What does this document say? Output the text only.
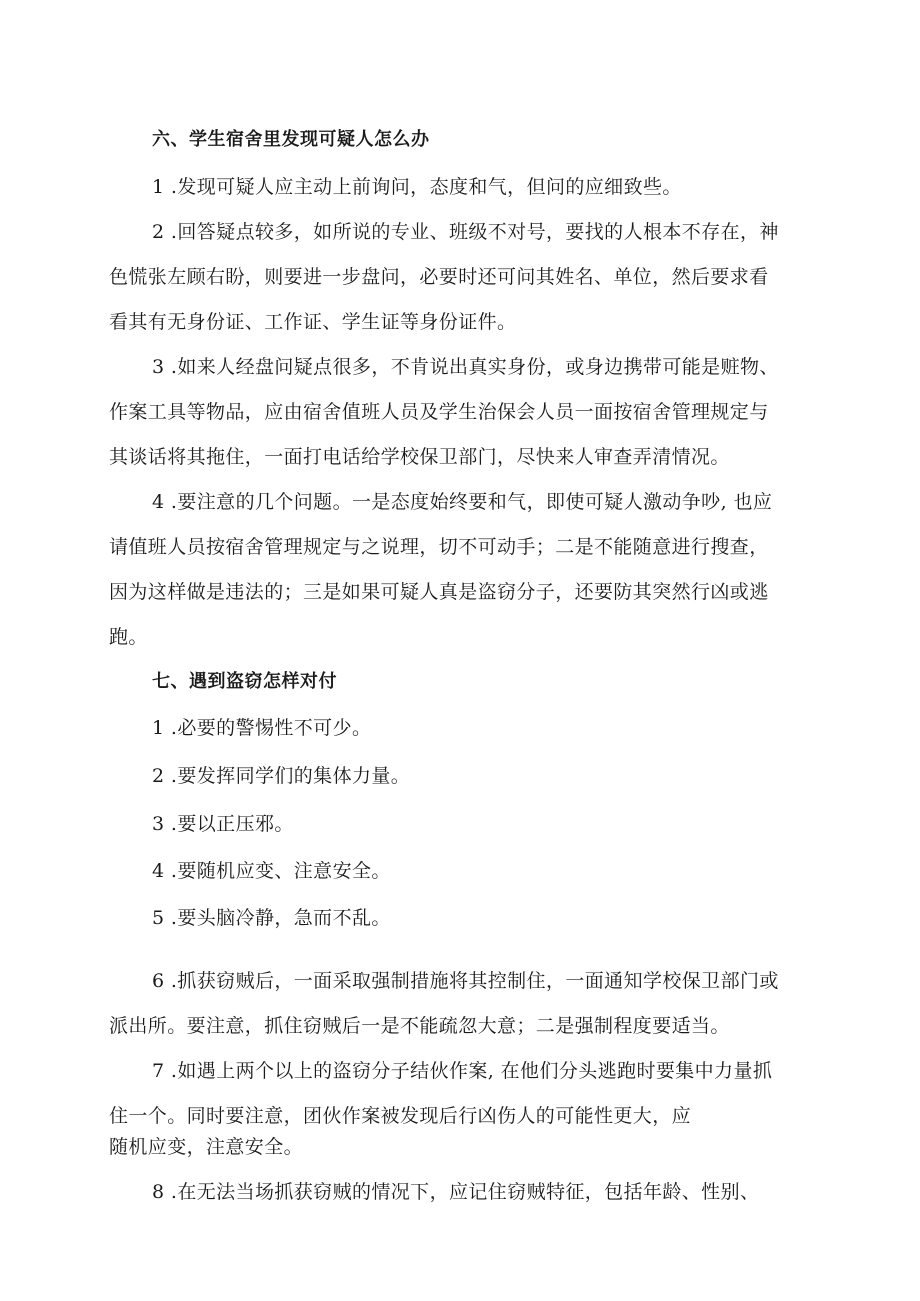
六、学生宿舍里发现可疑人怎么办
1 .发现可疑人应主动上前询问，态度和气，但问的应细致些。
2 .回答疑点较多，如所说的专业、班级不对号，要找的人根本不存在，神
色慌张左顾右盼，则要进一步盘问，必要时还可问其姓名、单位，然后要求看
看其有无身份证、工作证、学生证等身份证件。
3 .如来人经盘问疑点很多，不肯说出真实身份，或身边携带可能是赃物、
作案工具等物品，应由宿舍值班人员及学生治保会人员一面按宿舍管理规定与
其谈话将其拖住，一面打电话给学校保卫部门，尽快来人审查弄清情况。
4 .要注意的几个问题。一是态度始终要和气，即使可疑人激动争吵, 也应
请值班人员按宿舍管理规定与之说理，切不可动手；二是不能随意进行搜查，
因为这样做是违法的；三是如果可疑人真是盗窃分子，还要防其突然行凶或逃
跑。
七、遇到盗窃怎样对付
1 .必要的警惕性不可少。
2 .要发挥同学们的集体力量。
3 .要以正压邪。
4 .要随机应变、注意安全。
5 .要头脑冷静，急而不乱。
6 .抓获窃贼后，一面采取强制措施将其控制住，一面通知学校保卫部门或
派出所。要注意，抓住窃贼后一是不能疏忽大意；二是强制程度要适当。
7 .如遇上两个以上的盗窃分子结伙作案, 在他们分头逃跑时要集中力量抓
住一个。同时要注意，团伙作案被发现后行凶伤人的可能性更大，应
随机应变，注意安全。
8 .在无法当场抓获窃贼的情况下，应记住窃贼特征，包括年龄、性别、
